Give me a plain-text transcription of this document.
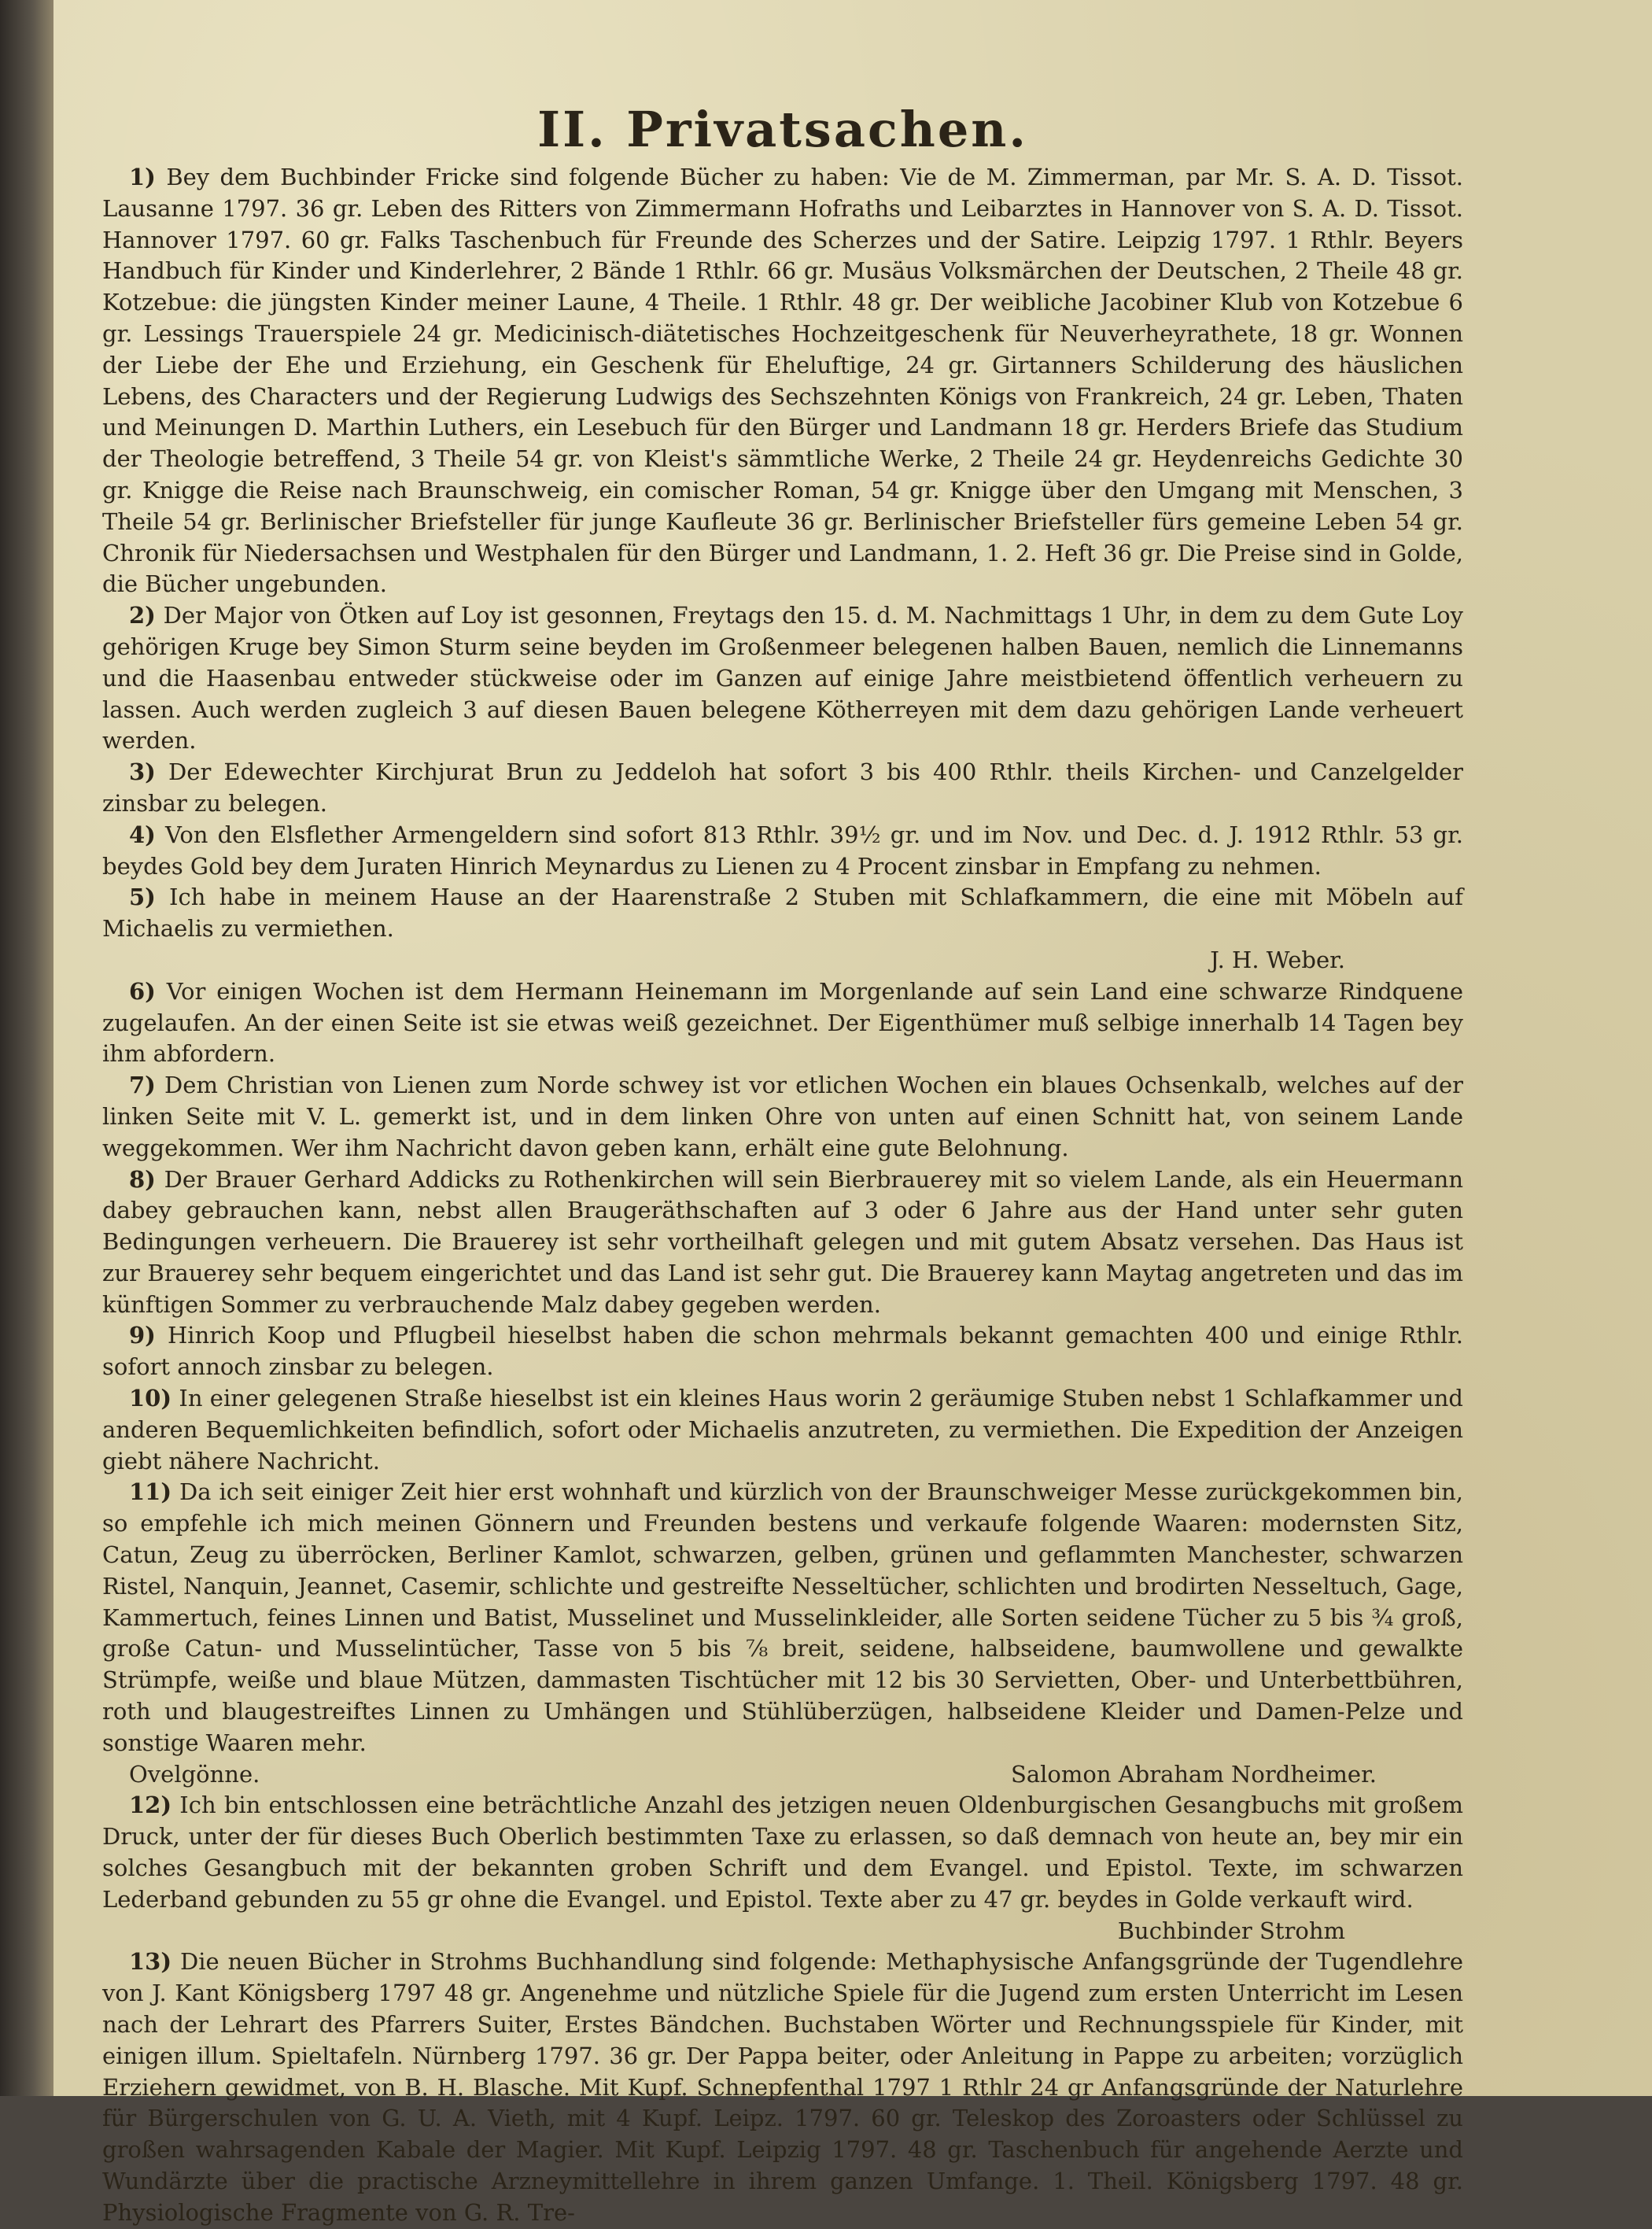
II. Privatsachen.

1) Bey dem Buchbinder Fricke sind folgende Bücher zu haben: Vie de M. Zimmerman, par Mr. S. A. D. Tissot. Lausanne 1797. 36 gr. Leben des Ritters von Zimmermann Hofraths und Leibarztes in Hannover von S. A. D. Tissot. Hannover 1797. 60 gr. Falks Taschenbuch für Freunde des Scherzes und der Satire. Leipzig 1797. 1 Rthlr. Beyers Handbuch für Kinder und Kinderlehrer, 2 Bände 1 Rthlr. 66 gr. Musäus Volksmärchen der Deutschen, 2 Theile 48 gr. Kotzebue: die jüngsten Kinder meiner Laune, 4 Theile. 1 Rthlr. 48 gr. Der weibliche Jacobiner Klub von Kotzebue 6 gr. Lessings Trauerspiele 24 gr. Medicinisch-diätetisches Hochzeitgeschenk für Neuverheyrathete, 18 gr. Wonnen der Liebe der Ehe und Erziehung, ein Geschenk für Eheluftige, 24 gr. Girtanners Schilderung des häuslichen Lebens, des Characters und der Regierung Ludwigs des Sechszehnten Königs von Frankreich, 24 gr. Leben, Thaten und Meinungen D. Marthin Luthers, ein Lesebuch für den Bürger und Landmann 18 gr. Herders Briefe das Studium der Theologie betreffend, 3 Theile 54 gr. von Kleist's sämmtliche Werke, 2 Theile 24 gr. Heydenreichs Gedichte 30 gr. Knigge die Reise nach Braunschweig, ein comischer Roman, 54 gr. Knigge über den Umgang mit Menschen, 3 Theile 54 gr. Berlinischer Briefsteller für junge Kaufleute 36 gr. Berlinischer Briefsteller fürs gemeine Leben 54 gr. Chronik für Niedersachsen und Westphalen für den Bürger und Landmann, 1. 2. Heft 36 gr. Die Preise sind in Golde, die Bücher ungebunden.

2) Der Major von Ötken auf Loy ist gesonnen, Freytags den 15. d. M. Nachmittags 1 Uhr, in dem zu dem Gute Loy gehörigen Kruge bey Simon Sturm seine beyden im Großenmeer belegenen halben Bauen, nemlich die Linnemanns und die Haasenbau entweder stückweise oder im Ganzen auf einige Jahre meistbietend öffentlich verheuern zu lassen. Auch werden zugleich 3 auf diesen Bauen belegene Kötherreyen mit dem dazu gehörigen Lande verheuert werden.

3) Der Edewechter Kirchjurat Brun zu Jeddeloh hat sofort 3 bis 400 Rthlr. theils Kirchen- und Canzelgelder zinsbar zu belegen.

4) Von den Elsflether Armengeldern sind sofort 813 Rthlr. 39½ gr. und im Nov. und Dec. d. J. 1912 Rthlr. 53 gr. beydes Gold bey dem Juraten Hinrich Meynardus zu Lienen zu 4 Procent zinsbar in Empfang zu nehmen.

5) Ich habe in meinem Hause an der Haarenstraße 2 Stuben mit Schlafkammern, die eine mit Möbeln auf Michaelis zu vermiethen.

J. H. Weber.

6) Vor einigen Wochen ist dem Hermann Heinemann im Morgenlande auf sein Land eine schwarze Rindquene zugelaufen. An der einen Seite ist sie etwas weiß gezeichnet. Der Eigenthümer muß selbige innerhalb 14 Tagen bey ihm abfordern.

7) Dem Christian von Lienen zum Norde schwey ist vor etlichen Wochen ein blaues Ochsenkalb, welches auf der linken Seite mit V. L. gemerkt ist, und in dem linken Ohre von unten auf einen Schnitt hat, von seinem Lande weggekommen. Wer ihm Nachricht davon geben kann, erhält eine gute Belohnung.

8) Der Brauer Gerhard Addicks zu Rothenkirchen will sein Bierbrauerey mit so vielem Lande, als ein Heuermann dabey gebrauchen kann, nebst allen Braugeräthschaften auf 3 oder 6 Jahre aus der Hand unter sehr guten Bedingungen verheuern. Die Brauerey ist sehr vortheilhaft gelegen und mit gutem Absatz versehen. Das Haus ist zur Brauerey sehr bequem eingerichtet und das Land ist sehr gut. Die Brauerey kann Maytag angetreten und das im künftigen Sommer zu verbrauchende Malz dabey gegeben werden.

9) Hinrich Koop und Pflugbeil hieselbst haben die schon mehrmals bekannt gemachten 400 und einige Rthlr. sofort annoch zinsbar zu belegen.

10) In einer gelegenen Straße hieselbst ist ein kleines Haus worin 2 geräumige Stuben nebst 1 Schlafkammer und anderen Bequemlichkeiten befindlich, sofort oder Michaelis anzutreten, zu vermiethen. Die Expedition der Anzeigen giebt nähere Nachricht.

11) Da ich seit einiger Zeit hier erst wohnhaft und kürzlich von der Braunschweiger Messe zurückgekommen bin, so empfehle ich mich meinen Gönnern und Freunden bestens und verkaufe folgende Waaren: modernsten Sitz, Catun, Zeug zu überröcken, Berliner Kamlot, schwarzen, gelben, grünen und geflammten Manchester, schwarzen Ristel, Nanquin, Jeannet, Casemir, schlichte und gestreifte Nesseltücher, schlichten und brodirten Nesseltuch, Gage, Kammertuch, feines Linnen und Batist, Musselinet und Musselinkleider, alle Sorten seidene Tücher zu 5 bis ¾ groß, große Catun- und Musselintücher, Tasse von 5 bis ⅞ breit, seidene, halbseidene, baumwollene und gewalkte Strümpfe, weiße und blaue Mützen, dammasten Tischtücher mit 12 bis 30 Servietten, Ober- und Unterbettbühren, roth und blaugestreiftes Linnen zu Umhängen und Stühlüberzügen, halbseidene Kleider und Damen-Pelze und sonstige Waaren mehr.

Ovelgönne.	Salomon Abraham Nordheimer.

12) Ich bin entschlossen eine beträchtliche Anzahl des jetzigen neuen Oldenburgischen Gesangbuchs mit großem Druck, unter der für dieses Buch Oberlich bestimmten Taxe zu erlassen, so daß demnach von heute an, bey mir ein solches Gesangbuch mit der bekannten groben Schrift und dem Evangel. und Epistol. Texte, im schwarzen Lederband gebunden zu 55 gr ohne die Evangel. und Epistol. Texte aber zu 47 gr. beydes in Golde verkauft wird.

Buchbinder Strohm

13) Die neuen Bücher in Strohms Buchhandlung sind folgende: Methaphysische Anfangsgründe der Tugendlehre von J. Kant Königsberg 1797 48 gr. Angenehme und nützliche Spiele für die Jugend zum ersten Unterricht im Lesen nach der Lehrart des Pfarrers Suiter, Erstes Bändchen. Buchstaben Wörter und Rechnungsspiele für Kinder, mit einigen illum. Spieltafeln. Nürnberg 1797. 36 gr. Der Pappa beiter, oder Anleitung in Pappe zu arbeiten; vorzüglich Erziehern gewidmet, von B. H. Blasche. Mit Kupf. Schnepfenthal 1797 1 Rthlr 24 gr Anfangsgründe der Naturlehre für Bürgerschulen von G. U. A. Vieth, mit 4 Kupf. Leipz. 1797. 60 gr. Teleskop des Zoroasters oder Schlüssel zu großen wahrsagenden Kabale der Magier. Mit Kupf. Leipzig 1797. 48 gr. Taschenbuch für angehende Aerzte und Wundärzte über die practische Arzneymittellehre in ihrem ganzen Umfange. 1. Theil. Königsberg 1797. 48 gr. Physiologische Fragmente von G. R. Tre-
